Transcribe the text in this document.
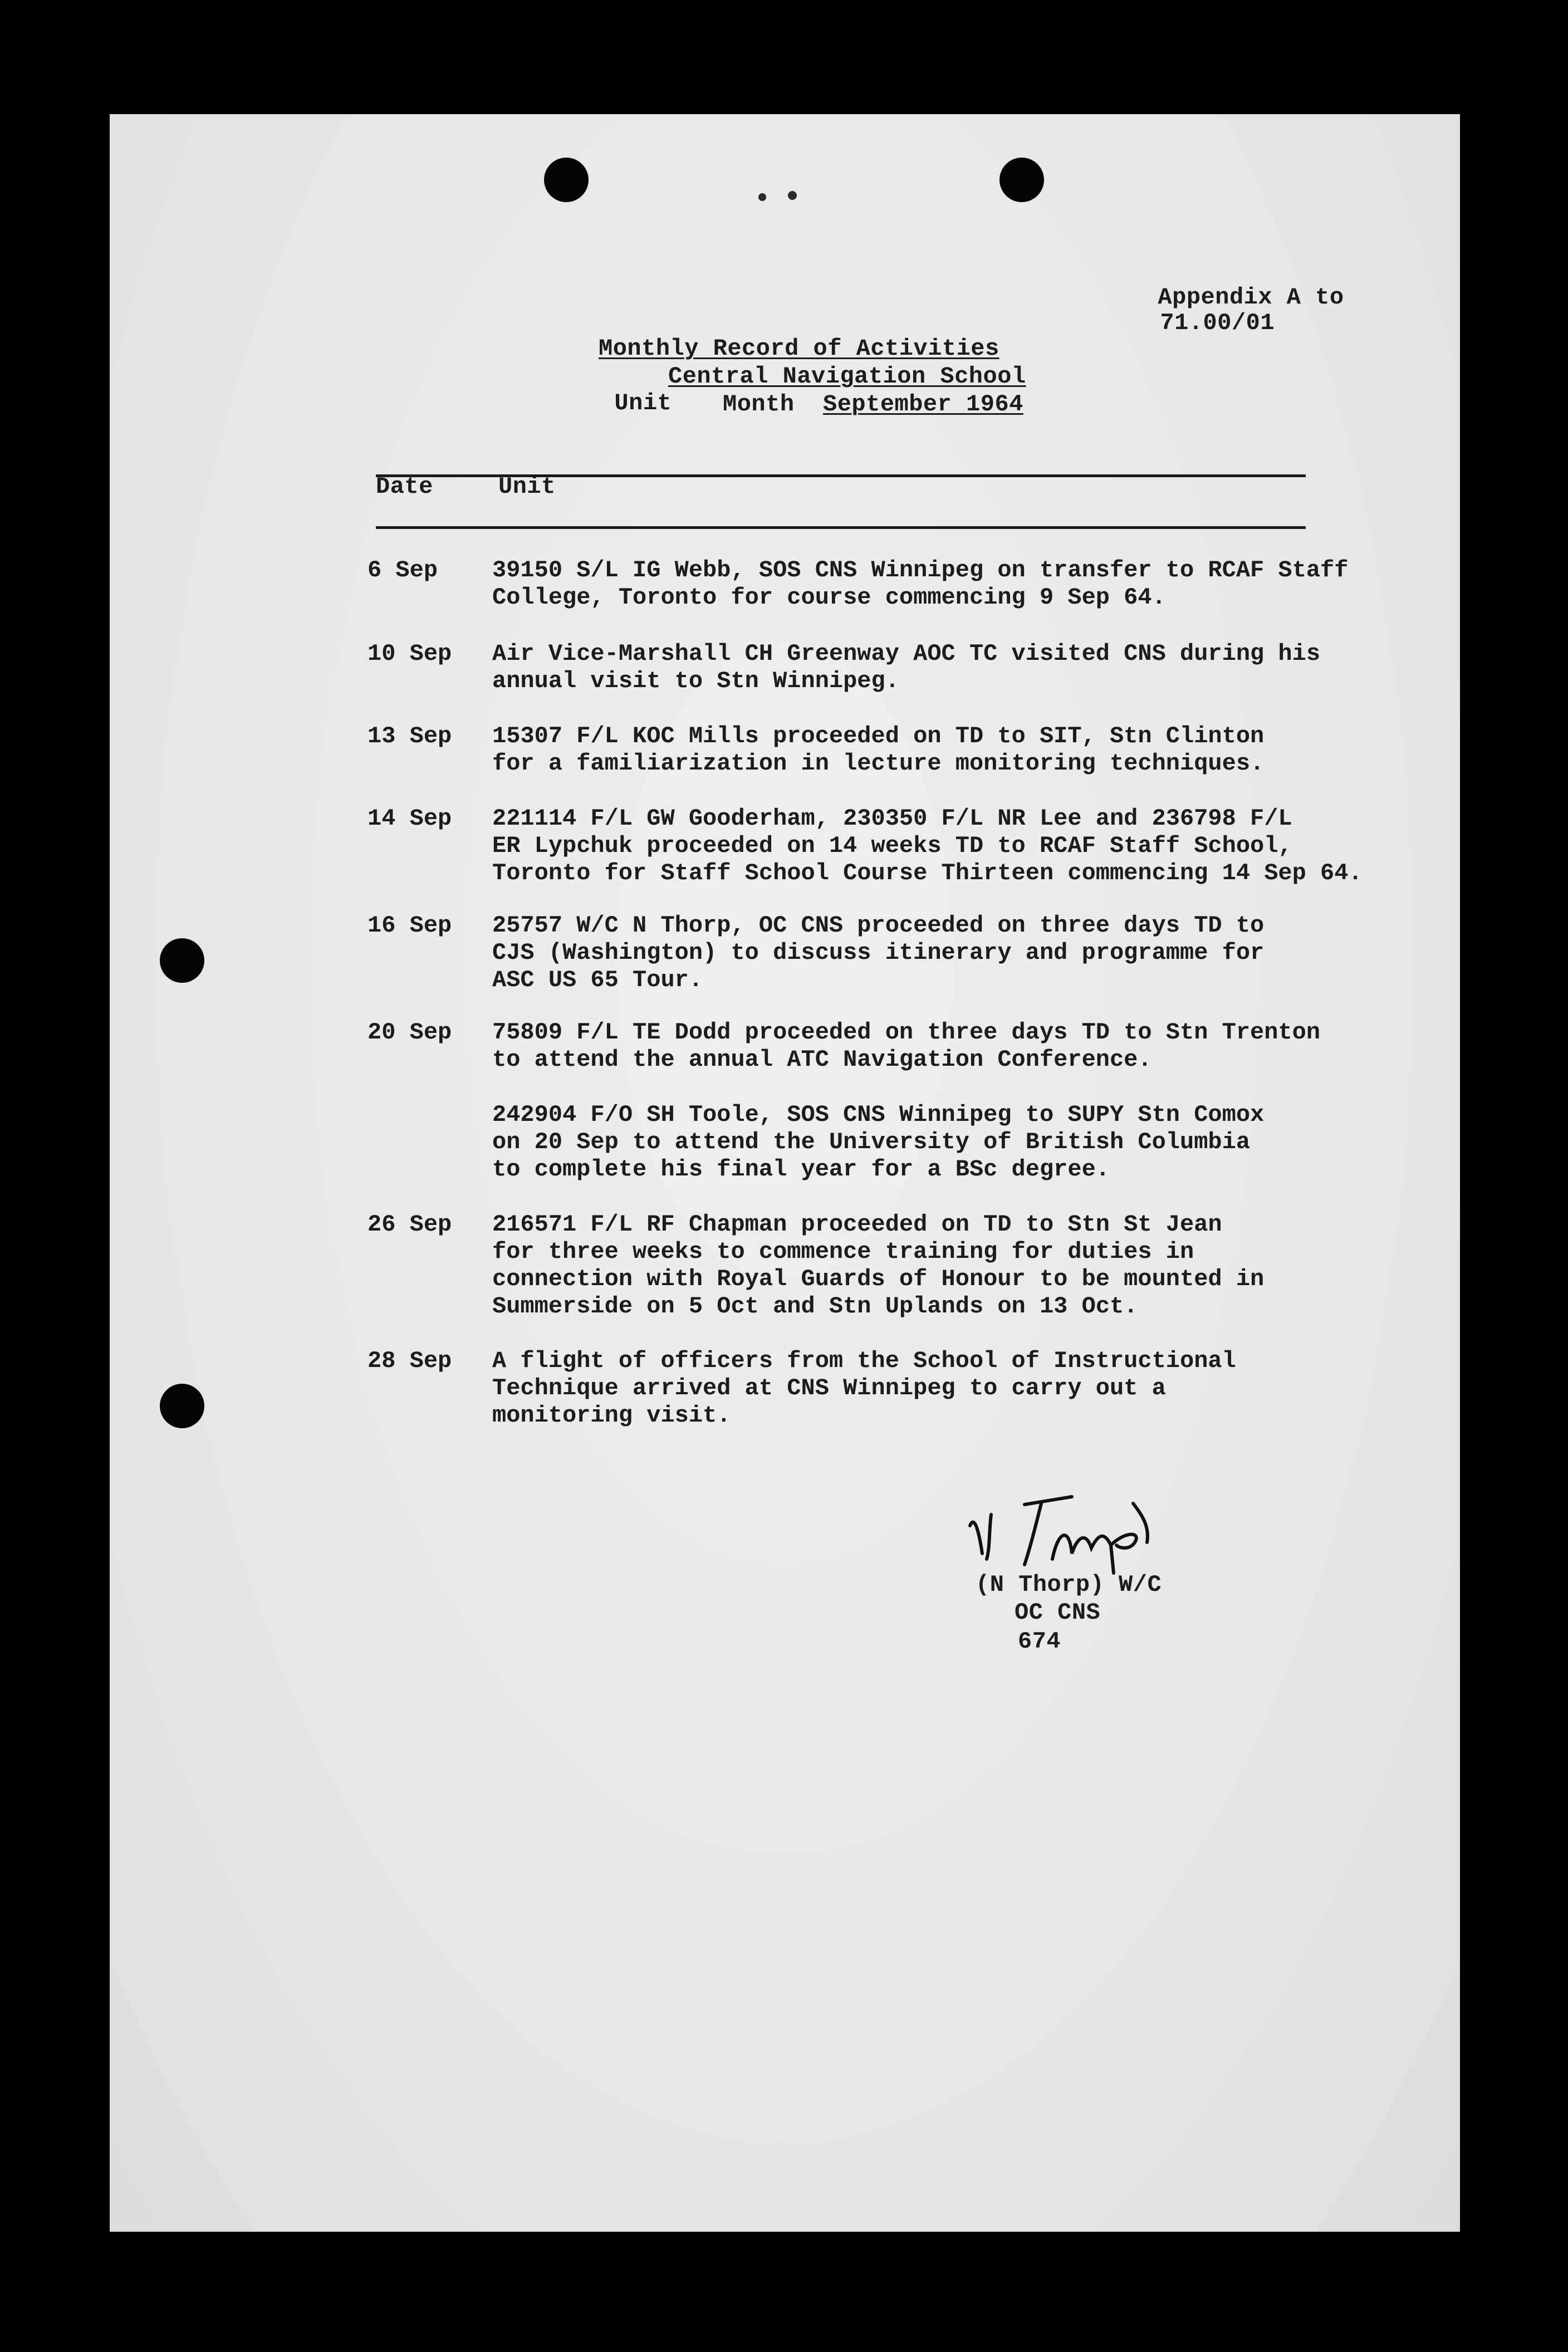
Appendix A to

71.00/01

Monthly Record of Activities

Unit

Central Navigation School
Month September 1964
Date	Unit
6 Sep 39150 S/L IG Webb, SOS CNS Winnipeg on transfer to RCAF Staff
College, Toronto for course commencing 9 Sep 64.
10 Sep Air Vice-Marshall CH Greenway AOC TC visited CNS during his
annual visit to Stn Winnipeg.
13 Sep 15307 F/L KOC Mills proceeded on TD to SIT, Stn Clinton
for a familiarization in lecture monitoring techniques.
14 Sep 221114 F/L GW Gooderham, 230350 F/L NR Lee and 236798 F/L
ER Lypchuk proceeded on 14 weeks TD to RCAF Staff School,
Toronto for Staff School Course Thirteen commencing 14 Sep 64.
16 Sep 25757 W/C N Thorp, OC CNS proceeded on three days TD to
CJS (Washington) to discuss itinerary and programme for
ASC US 65 Tour.
20 Sep 75809 F/L TE Dodd proceeded on three days TD to Stn Trenton
to attend the annual ATC Navigation Conference.
242904 F/O SH Toole, SOS CNS Winnipeg to SUPY Stn Comox
on 20 Sep to attend the University of British Columbia
to complete his final year for a BSc degree.
26 Sep 216571 F/L RF Chapman proceeded on TD to Stn St Jean
for three weeks to commence training for duties in
connection with Royal Guards of Honour to be mounted in
Summerside on 5 Oct and Stn Uplands on 13 Oct.
28 Sep A flight of officers from the School of Instructional
Technique arrived at CNS Winnipeg to carry out a
monitoring visit.
(N Thorp) W/C
OC CNS
674
